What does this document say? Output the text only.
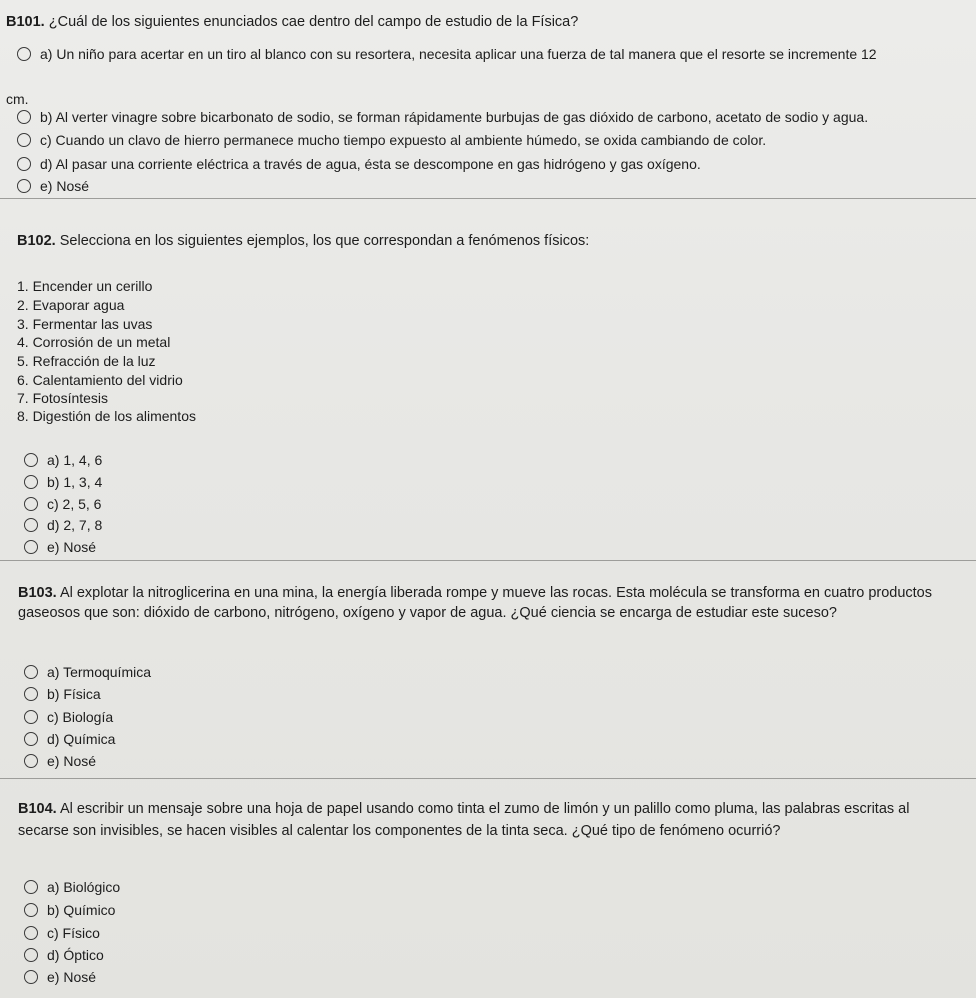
B101. ¿Cuál de los siguientes enunciados cae dentro del campo de estudio de la Física?
a) Un niño para acertar en un tiro al blanco con su resortera, necesita aplicar una fuerza de tal manera que el resorte se incremente 12
cm.
b) Al verter vinagre sobre bicarbonato de sodio, se forman rápidamente burbujas de gas dióxido de carbono, acetato de sodio y agua.
c) Cuando un clavo de hierro permanece mucho tiempo expuesto al ambiente húmedo, se oxida cambiando de color.
d) Al pasar una corriente eléctrica a través de agua, ésta se descompone en gas hidrógeno y gas oxígeno.
e) Nosé
B102. Selecciona en los siguientes ejemplos, los que correspondan a fenómenos físicos:
1. Encender un cerillo
2. Evaporar agua
3. Fermentar las uvas
4. Corrosión de un metal
5. Refracción de la luz
6. Calentamiento del vidrio
7. Fotosíntesis
8. Digestión de los alimentos
a) 1, 4, 6
b) 1, 3, 4
c) 2, 5, 6
d) 2, 7, 8
e) Nosé
B103. Al explotar la nitroglicerina en una mina, la energía liberada rompe y mueve las rocas. Esta molécula se transforma en cuatro productos
gaseosos que son: dióxido de carbono, nitrógeno, oxígeno y vapor de agua. ¿Qué ciencia se encarga de estudiar este suceso?
a) Termoquímica
b) Física
c) Biología
d) Química
e) Nosé
B104. Al escribir un mensaje sobre una hoja de papel usando como tinta el zumo de limón y un palillo como pluma, las palabras escritas al
secarse son invisibles, se hacen visibles al calentar los componentes de la tinta seca. ¿Qué tipo de fenómeno ocurrió?
a) Biológico
b) Químico
c) Físico
d) Óptico
e) Nosé
